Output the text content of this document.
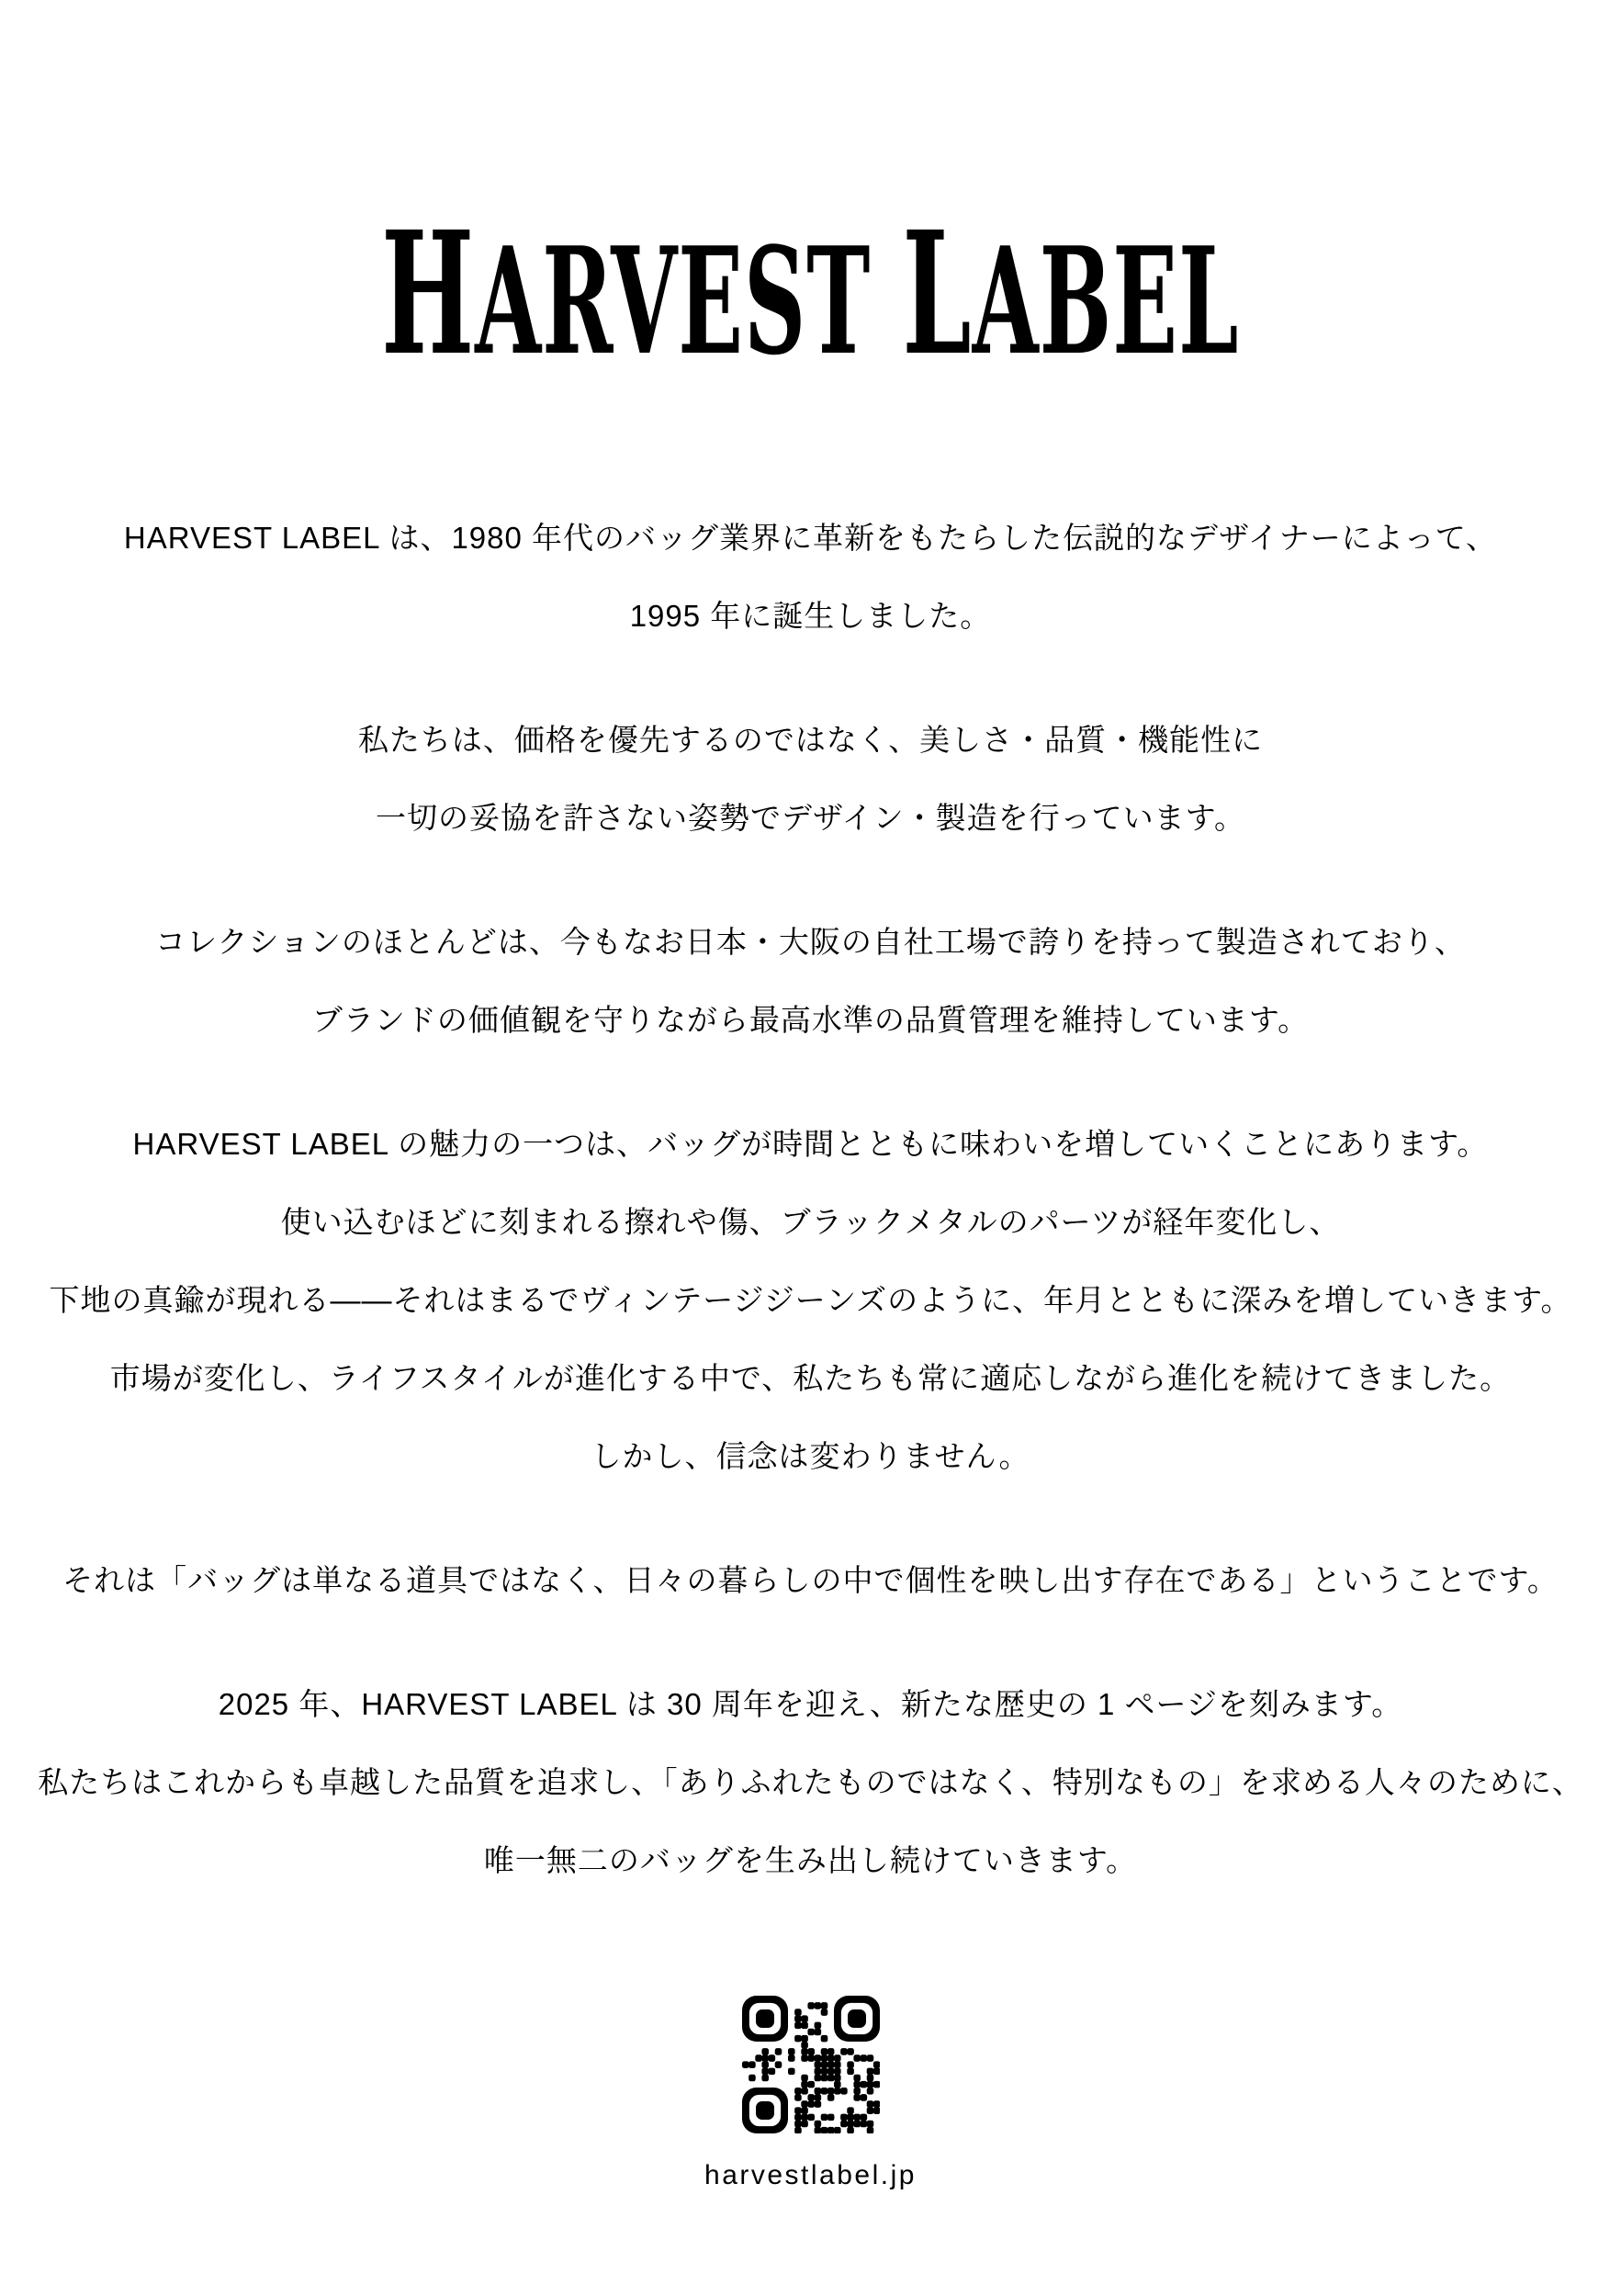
HARVEST LABEL

HARVEST LABEL は、1980 年代のバッグ業界に革新をもたらした伝説的なデザイナーによって、

1995 年に誕生しました。

私たちは、価格を優先するのではなく、美しさ・品質・機能性に

一切の妥協を許さない姿勢でデザイン・製造を行っています。

コレクションのほとんどは、今もなお日本・大阪の自社工場で誇りを持って製造されており、

ブランドの価値観を守りながら最高水準の品質管理を維持しています。

HARVEST LABEL の魅力の一つは、バッグが時間とともに味わいを増していくことにあります。

使い込むほどに刻まれる擦れや傷、ブラックメタルのパーツが経年変化し、

下地の真鍮が現れる——それはまるでヴィンテージジーンズのように、年月とともに深みを増していきます。

市場が変化し、ライフスタイルが進化する中で、私たちも常に適応しながら進化を続けてきました。

しかし、信念は変わりません。

それは「バッグは単なる道具ではなく、日々の暮らしの中で個性を映し出す存在である」ということです。

2025 年、HARVEST LABEL は 30 周年を迎え、新たな歴史の 1 ページを刻みます。

私たちはこれからも卓越した品質を追求し、「ありふれたものではなく、特別なもの」を求める人々のために、

唯一無二のバッグを生み出し続けていきます。

harvestlabel.jp
